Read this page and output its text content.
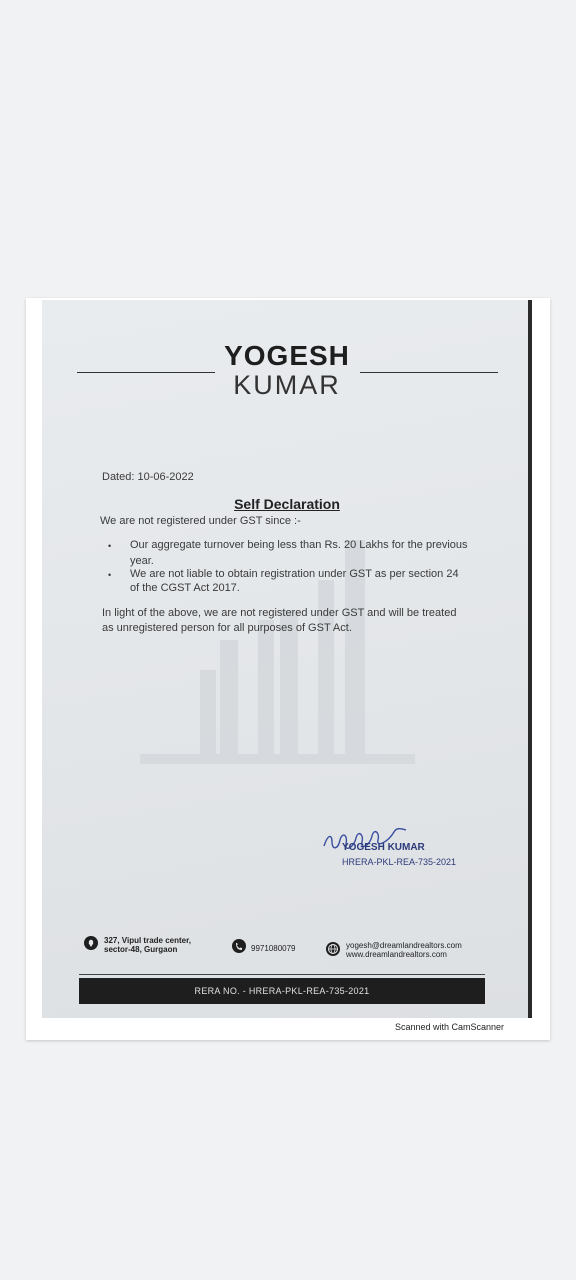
YOGESH
KUMAR
Dated: 10-06-2022
Self Declaration
We are not registered under GST since :-
• Our aggregate turnover being less than Rs. 20 Lakhs for the previous
year.
• We are not liable to obtain registration under GST as per section 24
of the CGST Act 2017.
In light of the above, we are not registered under GST and will be treated
as unregistered person for all purposes of GST Act.
YOGESH KUMAR
HRERA-PKL-REA-735-2021
327, Vipul trade center,
sector-48, Gurgaon	9971080079	yogesh@dreamlandrealtors.com
www.dreamlandrealtors.com
RERA NO. - HRERA-PKL-REA-735-2021
Scanned with CamScanner
